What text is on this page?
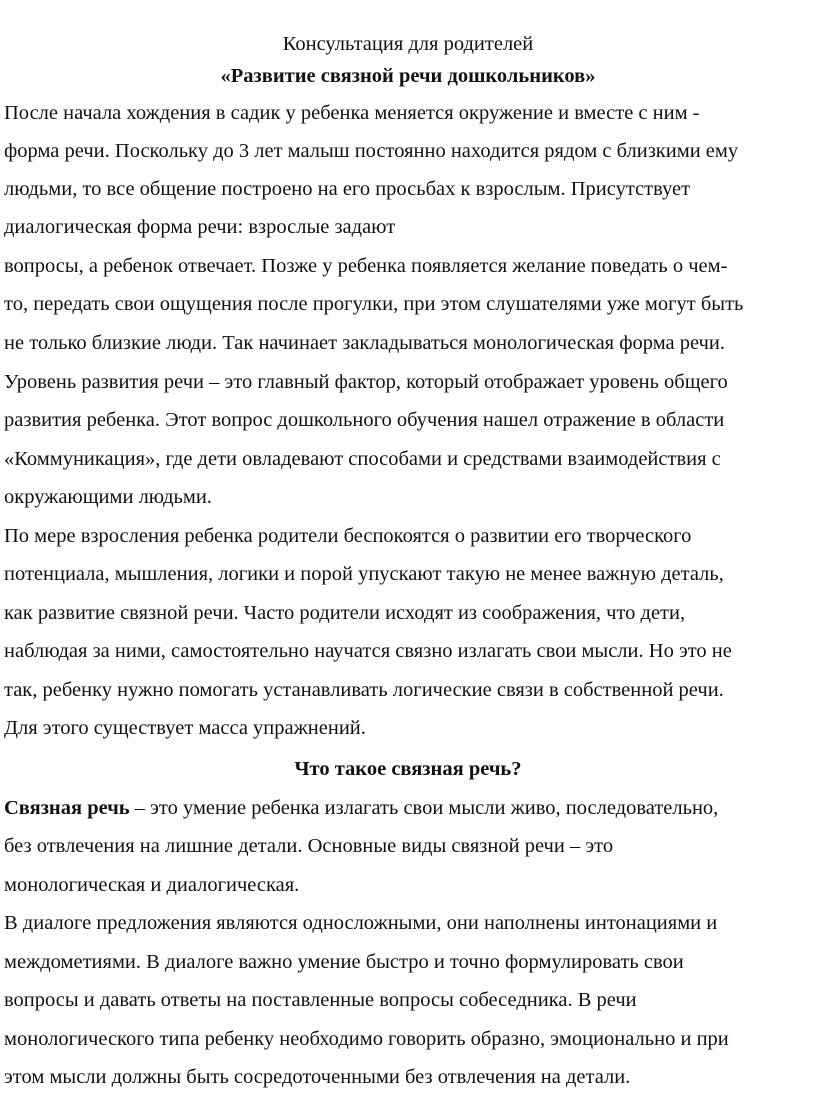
Консультация для родителей
«Развитие связной речи дошкольников»
После начала хождения в садик у ребенка меняется окружение и вместе с ним -
форма речи. Поскольку до 3 лет малыш постоянно находится рядом с близкими ему
людьми, то все общение построено на его просьбах к взрослым. Присутствует
диалогическая форма речи: взрослые задают
вопросы, а ребенок отвечает. Позже у ребенка появляется желание поведать о чем-
то, передать свои ощущения после прогулки, при этом слушателями уже могут быть
не только близкие люди. Так начинает закладываться монологическая форма речи.
Уровень развития речи – это главный фактор, который отображает уровень общего
развития ребенка. Этот вопрос дошкольного обучения нашел отражение в области
«Коммуникация», где дети овладевают способами и средствами взаимодействия с
окружающими людьми.
По мере взросления ребенка родители беспокоятся о развитии его творческого
потенциала, мышления, логики и порой упускают такую не менее важную деталь,
как развитие связной речи. Часто родители исходят из соображения, что дети,
наблюдая за ними, самостоятельно научатся связно излагать свои мысли. Но это не
так, ребенку нужно помогать устанавливать логические связи в собственной речи.
Для этого существует масса упражнений.
Что такое связная речь?
Связная речь – это умение ребенка излагать свои мысли живо, последовательно,
без отвлечения на лишние детали. Основные виды связной речи – это
монологическая и диалогическая.
В диалоге предложения являются односложными, они наполнены интонациями и
междометиями. В диалоге важно умение быстро и точно формулировать свои
вопросы и давать ответы на поставленные вопросы собеседника. В речи
монологического типа ребенку необходимо говорить образно, эмоционально и при
этом мысли должны быть сосредоточенными без отвлечения на детали.
